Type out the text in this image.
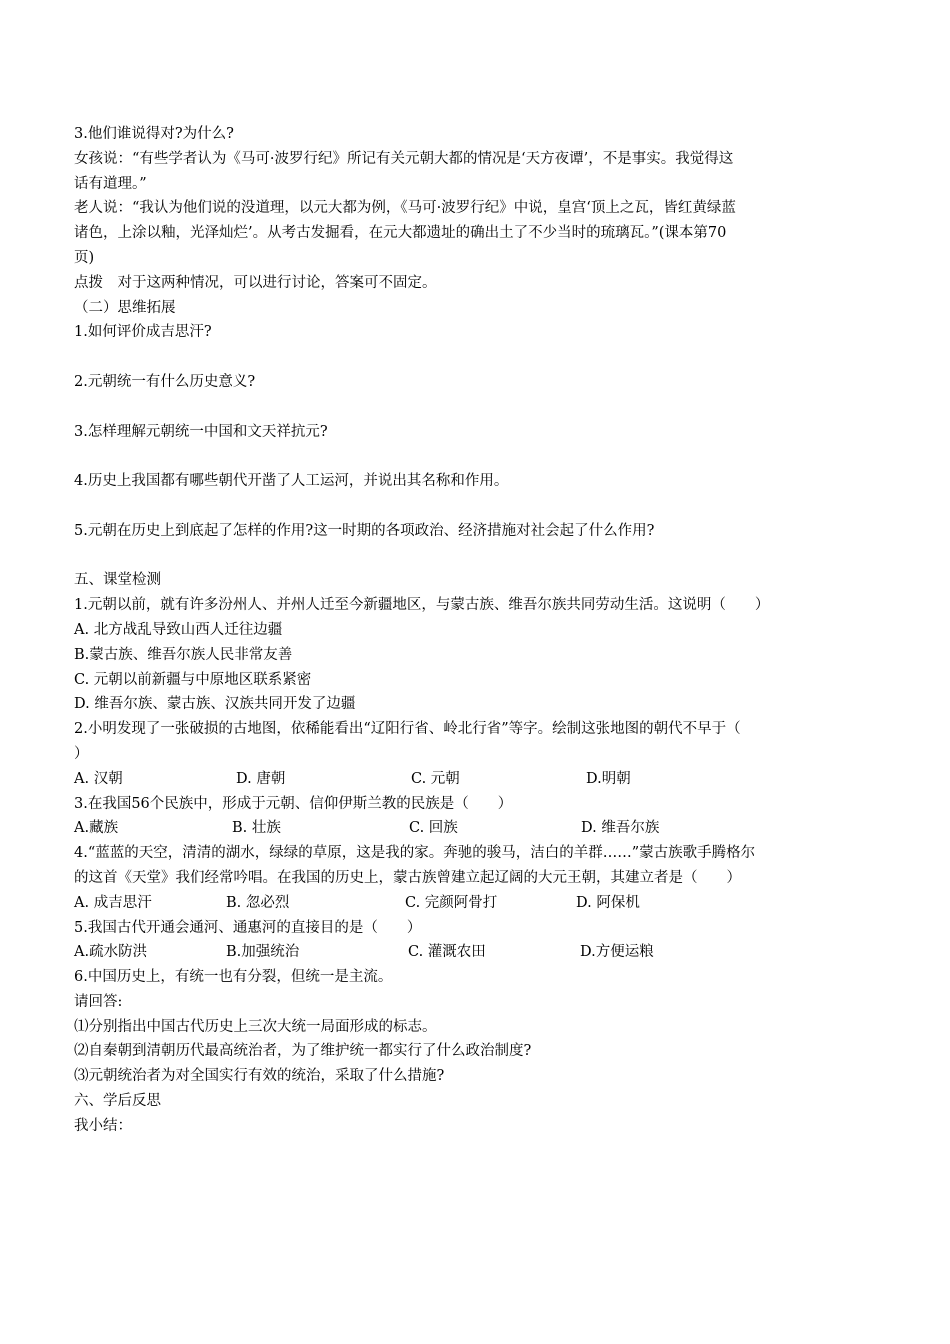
3.他们谁说得对?为什么?
女孩说：“有些学者认为《马可·波罗行纪》所记有关元朝大都的情况是‘天方夜谭’，不是事实。我觉得这
话有道理。”
老人说：“我认为他们说的没道理，以元大都为例，《马可·波罗行纪》中说，皇宫‘顶上之瓦，皆红黄绿蓝
诸色，上涂以釉，光泽灿烂’。从考古发掘看，在元大都遗址的确出土了不少当时的琉璃瓦。”(课本第70
页)
点拨　对于这两种情况，可以进行讨论，答案可不固定。
（二）思维拓展
1.如何评价成吉思汗?
2.元朝统一有什么历史意义?
3.怎样理解元朝统一中国和文天祥抗元?
4.历史上我国都有哪些朝代开凿了人工运河，并说出其名称和作用。
5.元朝在历史上到底起了怎样的作用?这一时期的各项政治、经济措施对社会起了什么作用?
五、课堂检测
1.元朝以前，就有许多汾州人、并州人迁至今新疆地区，与蒙古族、维吾尔族共同劳动生活。这说明（　　）
A. 北方战乱导致山西人迁往边疆
B.蒙古族、维吾尔族人民非常友善
C. 元朝以前新疆与中原地区联系紧密
D. 维吾尔族、蒙古族、汉族共同开发了边疆
2.小明发现了一张破损的古地图，依稀能看出“辽阳行省、岭北行省”等字。绘制这张地图的朝代不早于（
）
A. 汉朝	D. 唐朝	C. 元朝	D.明朝
3.在我国56个民族中，形成于元朝、信仰伊斯兰教的民族是（　　）
A.藏族	B. 壮族	C. 回族	D. 维吾尔族
4.“蓝蓝的天空，清清的湖水，绿绿的草原，这是我的家。奔驰的骏马，洁白的羊群……”蒙古族歌手腾格尔
的这首《天堂》我们经常吟唱。在我国的历史上，蒙古族曾建立起辽阔的大元王朝，其建立者是（　　）
A. 成吉思汗	B. 忽必烈	C. 完颜阿骨打	D. 阿保机
5.我国古代开通会通河、通惠河的直接目的是（　　）
A.疏水防洪	B.加强统治	C. 灌溉农田	D.方便运粮
6.中国历史上，有统一也有分裂，但统一是主流。
请回答:
⑴分别指出中国古代历史上三次大统一局面形成的标志。
⑵自秦朝到清朝历代最高统治者，为了维护统一都实行了什么政治制度?
⑶元朝统治者为对全国实行有效的统治，采取了什么措施?
六、学后反思
我小结：
